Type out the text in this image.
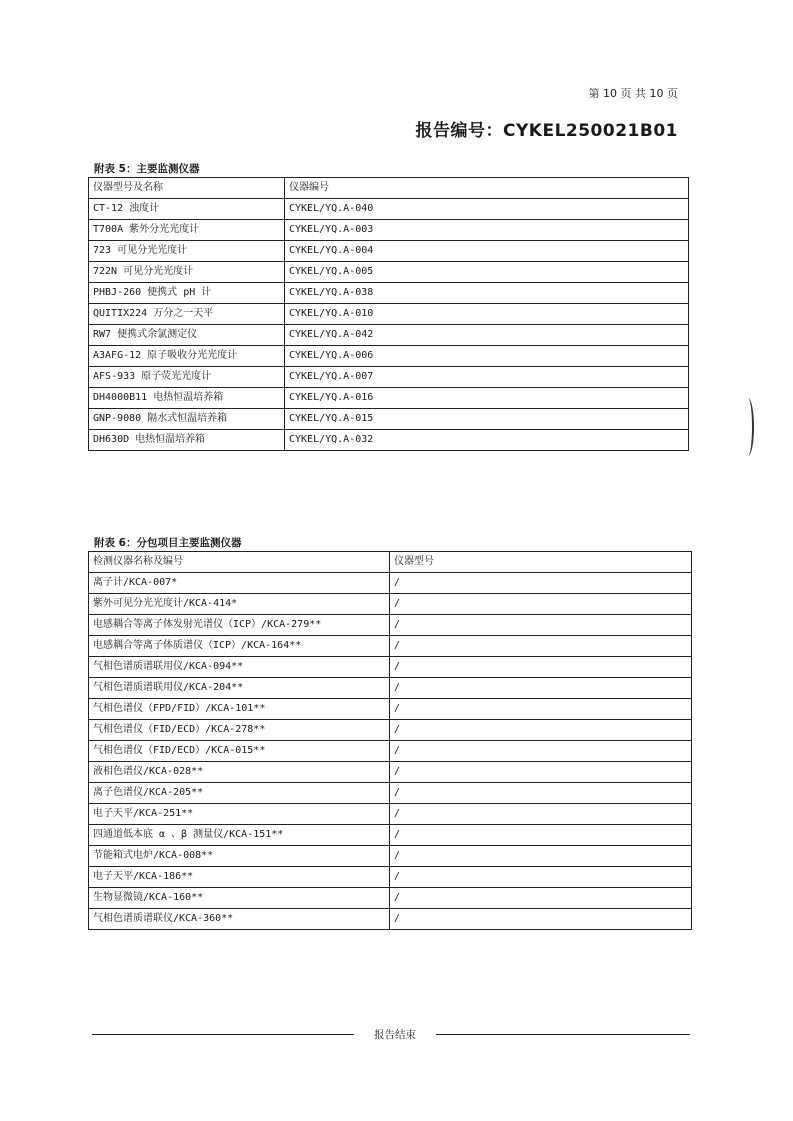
第 10 页 共 10 页
报告编号：CYKEL250021B01
附表 5：主要监测仪器
仪器型号及名称	仪器编号
CT-12 浊度计	CYKEL/YQ.A-040
T700A 紫外分光光度计	CYKEL/YQ.A-003
723 可见分光光度计	CYKEL/YQ.A-004
722N 可见分光光度计	CYKEL/YQ.A-005
PHBJ-260 便携式 pH 计	CYKEL/YQ.A-038
QUITIX224 万分之一天平	CYKEL/YQ.A-010
RW7 便携式余氯测定仪	CYKEL/YQ.A-042
A3AFG-12 原子吸收分光光度计	CYKEL/YQ.A-006
AFS-933 原子荧光光度计	CYKEL/YQ.A-007
DH4000B11 电热恒温培养箱	CYKEL/YQ.A-016
GNP-9080 隔水式恒温培养箱	CYKEL/YQ.A-015
DH630D 电热恒温培养箱	CYKEL/YQ.A-032
附表 6：分包项目主要监测仪器
检测仪器名称及编号	仪器型号
离子计/KCA-007*	/
紫外可见分光光度计/KCA-414*	/
电感耦合等离子体发射光谱仪（ICP）/KCA-279**	/
电感耦合等离子体质谱仪（ICP）/KCA-164**	/
气相色谱质谱联用仪/KCA-094**	/
气相色谱质谱联用仪/KCA-204**	/
气相色谱仪（FPD/FID）/KCA-101**	/
气相色谱仪（FID/ECD）/KCA-278**	/
气相色谱仪（FID/ECD）/KCA-015**	/
液相色谱仪/KCA-028**	/
离子色谱仪/KCA-205**	/
电子天平/KCA-251**	/
四通道低本底 α 、β 测量仪/KCA-151**	/
节能箱式电炉/KCA-008**	/
电子天平/KCA-186**	/
生物显微镜/KCA-160**	/
气相色谱质谱联仪/KCA-360**	/
报告结束
